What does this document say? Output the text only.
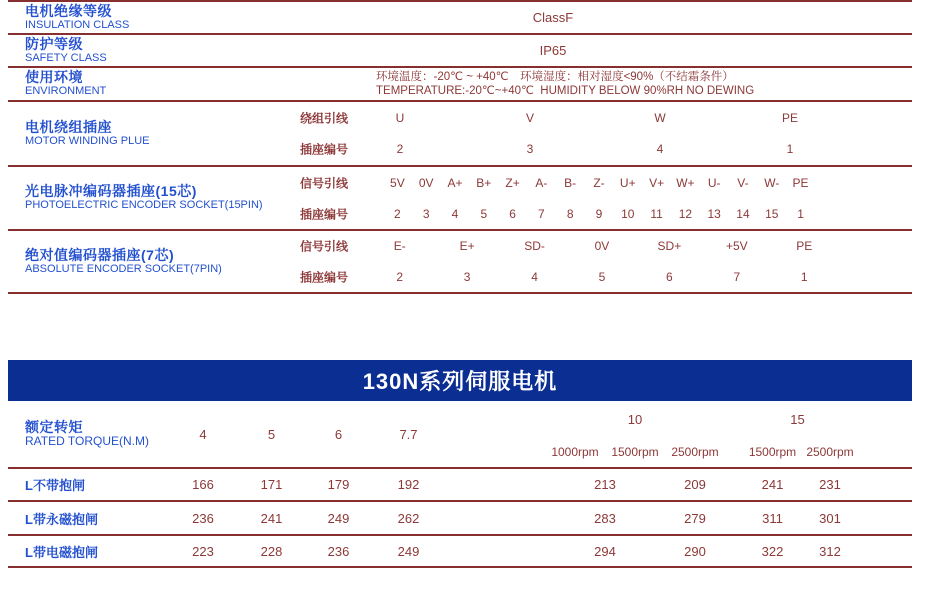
电机绝缘等级
INSULATION CLASS	ClassF
防护等级
SAFETY CLASS	IP65
使用环境
ENVIRONMENT
环境温度：-20℃ ~ +40℃　环境湿度：相对湿度<90%（不结霜条件）
TEMPERATURE:-20℃~+40℃  HUMIDITY BELOW 90%RH NO DEWING
电机绕组插座
MOTOR WINDING PLUE
绕组引线	U	V	W	PE
插座编号	2	3	4	1
光电脉冲编码器插座(15芯)
PHOTOELECTRIC ENCODER SOCKET(15PIN)
信号引线	5V	0V	A+	B+	Z+	A-	B-	Z-	U+	V+	W+	U-	V-	W-	PE
插座编号	2	3	4	5	6	7	8	9	10	11	12	13	14	15	1
绝对值编码器插座(7芯)
ABSOLUTE ENCODER SOCKET(7PIN)
信号引线	E-	E+	SD-	0V	SD+	+5V	PE
插座编号	2	3	4	5	6	7	1
130N系列伺服电机
额定转矩
RATED TORQUE(N.M)	4	5	6	7.7
10	15
1000rpm	1500rpm	2500rpm	1500rpm 2500rpm
L不带抱闸	166	171	179	192	213	209	241	231
L带永磁抱闸	236	241	249	262	283	279	311	301
L带电磁抱闸	223	228	236	249	294	290	322	312
